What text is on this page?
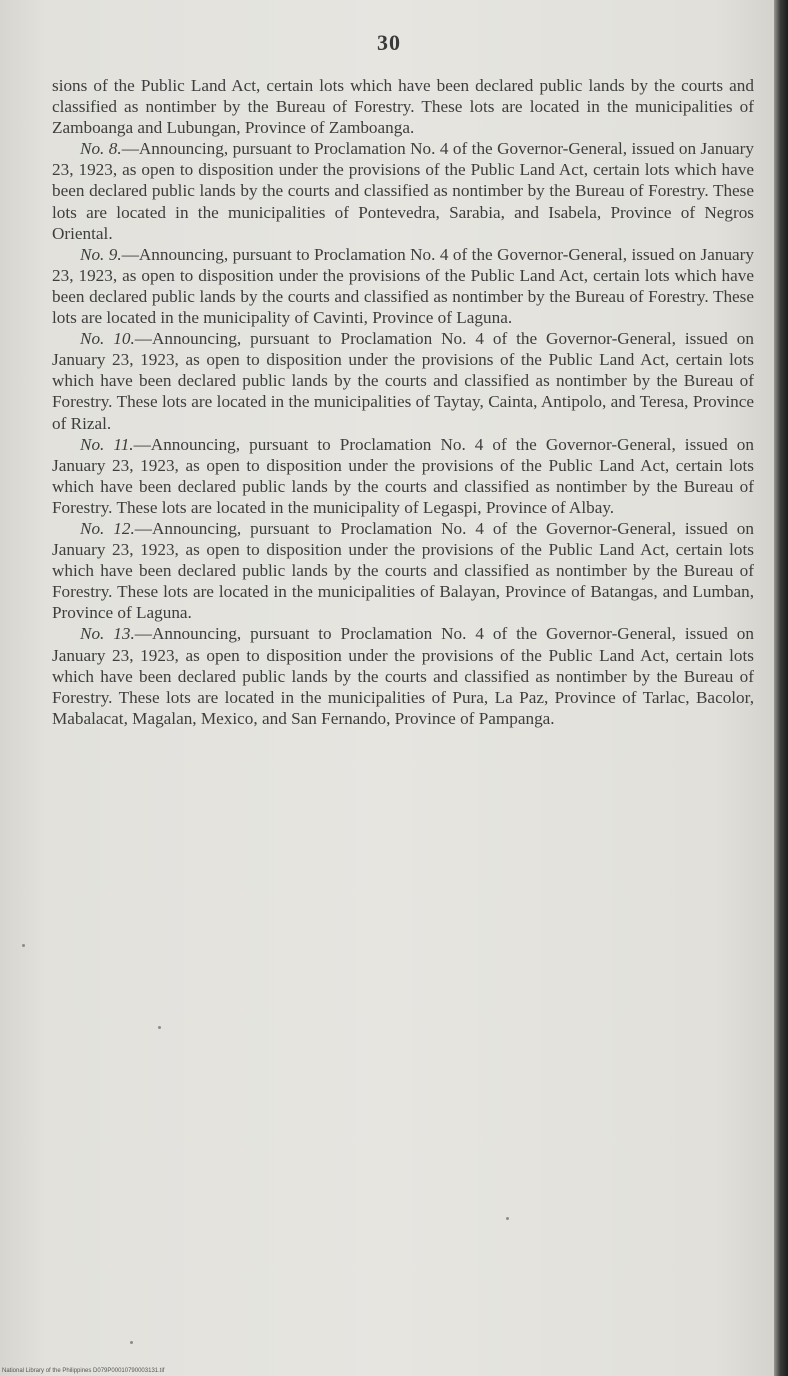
30

sions of the Public Land Act, certain lots which have been declared public lands by the courts and classified as nontimber by the Bureau of Forestry. These lots are located in the municipalities of Zamboanga and Lubungan, Province of Zamboanga.

No. 8.—Announcing, pursuant to Proclamation No. 4 of the Governor-General, issued on January 23, 1923, as open to disposition under the provisions of the Public Land Act, certain lots which have been declared public lands by the courts and classified as nontimber by the Bureau of Forestry. These lots are located in the municipalities of Pontevedra, Sarabia, and Isabela, Province of Negros Oriental.

No. 9.—Announcing, pursuant to Proclamation No. 4 of the Governor-General, issued on January 23, 1923, as open to disposition under the provisions of the Public Land Act, certain lots which have been declared public lands by the courts and classified as nontimber by the Bureau of Forestry. These lots are located in the municipality of Cavinti, Province of Laguna.

No. 10.—Announcing, pursuant to Proclamation No. 4 of the Governor-General, issued on January 23, 1923, as open to disposition under the provisions of the Public Land Act, certain lots which have been declared public lands by the courts and classified as nontimber by the Bureau of Forestry. These lots are located in the municipalities of Taytay, Cainta, Antipolo, and Teresa, Province of Rizal.

No. 11.—Announcing, pursuant to Proclamation No. 4 of the Governor-General, issued on January 23, 1923, as open to disposition under the provisions of the Public Land Act, certain lots which have been declared public lands by the courts and classified as nontimber by the Bureau of Forestry. These lots are located in the municipality of Legaspi, Province of Albay.

No. 12.—Announcing, pursuant to Proclamation No. 4 of the Governor-General, issued on January 23, 1923, as open to disposition under the provisions of the Public Land Act, certain lots which have been declared public lands by the courts and classified as nontimber by the Bureau of Forestry. These lots are located in the municipalities of Balayan, Province of Batangas, and Lumban, Province of Laguna.

No. 13.—Announcing, pursuant to Proclamation No. 4 of the Governor-General, issued on January 23, 1923, as open to disposition under the provisions of the Public Land Act, certain lots which have been declared public lands by the courts and classified as nontimber by the Bureau of Forestry. These lots are located in the municipalities of Pura, La Paz, Province of Tarlac, Bacolor, Mabalacat, Magalan, Mexico, and San Fernando, Province of Pampanga.

National Library of the Philippines D079P00010790003131.tif
